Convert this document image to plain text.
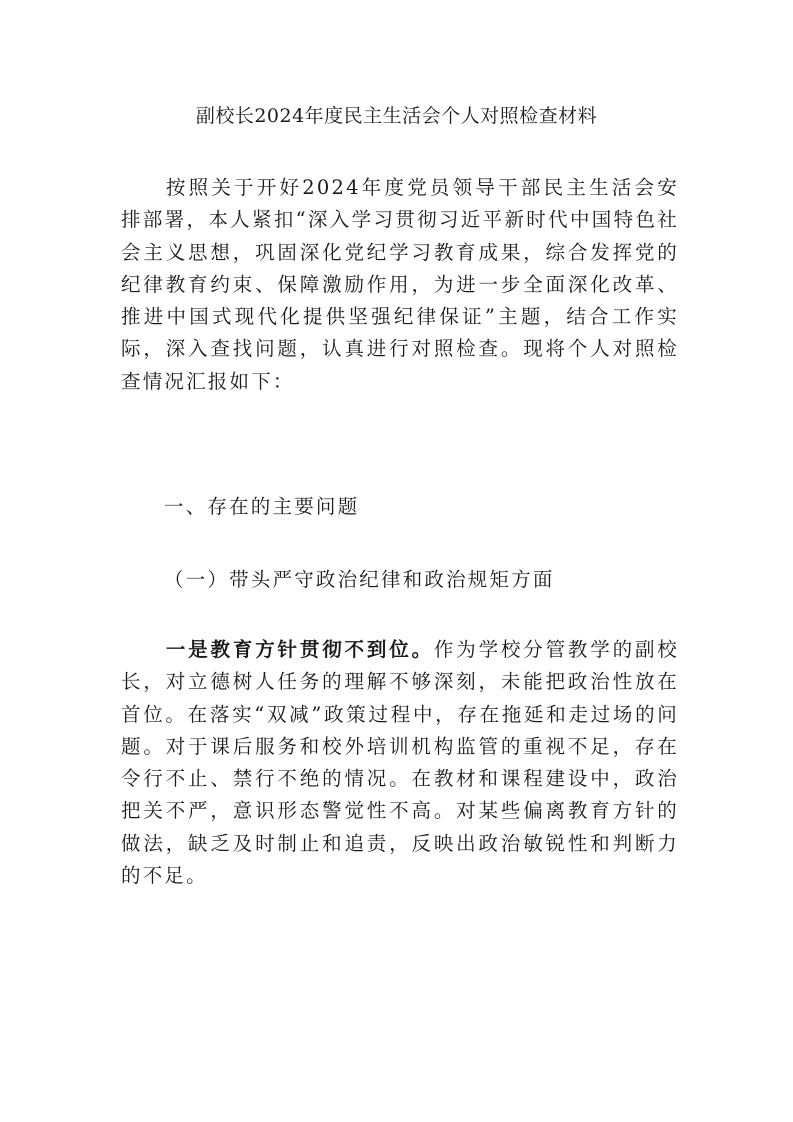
副校长2024年度民主生活会个人对照检查材料

按照关于开好2024年度党员领导干部民主生活会安排部署，本人紧扣“深入学习贯彻习近平新时代中国特色社会主义思想，巩固深化党纪学习教育成果，综合发挥党的纪律教育约束、保障激励作用，为进一步全面深化改革、推进中国式现代化提供坚强纪律保证”主题，结合工作实际，深入查找问题，认真进行对照检查。现将个人对照检查情况汇报如下：

一、存在的主要问题
（一）带头严守政治纪律和政治规矩方面

一是教育方针贯彻不到位。作为学校分管教学的副校长，对立德树人任务的理解不够深刻，未能把政治性放在首位。在落实“双减”政策过程中，存在拖延和走过场的问题。对于课后服务和校外培训机构监管的重视不足，存在令行不止、禁行不绝的情况。在教材和课程建设中，政治把关不严，意识形态警觉性不高。对某些偏离教育方针的做法，缺乏及时制止和追责，反映出政治敏锐性和判断力的不足。
